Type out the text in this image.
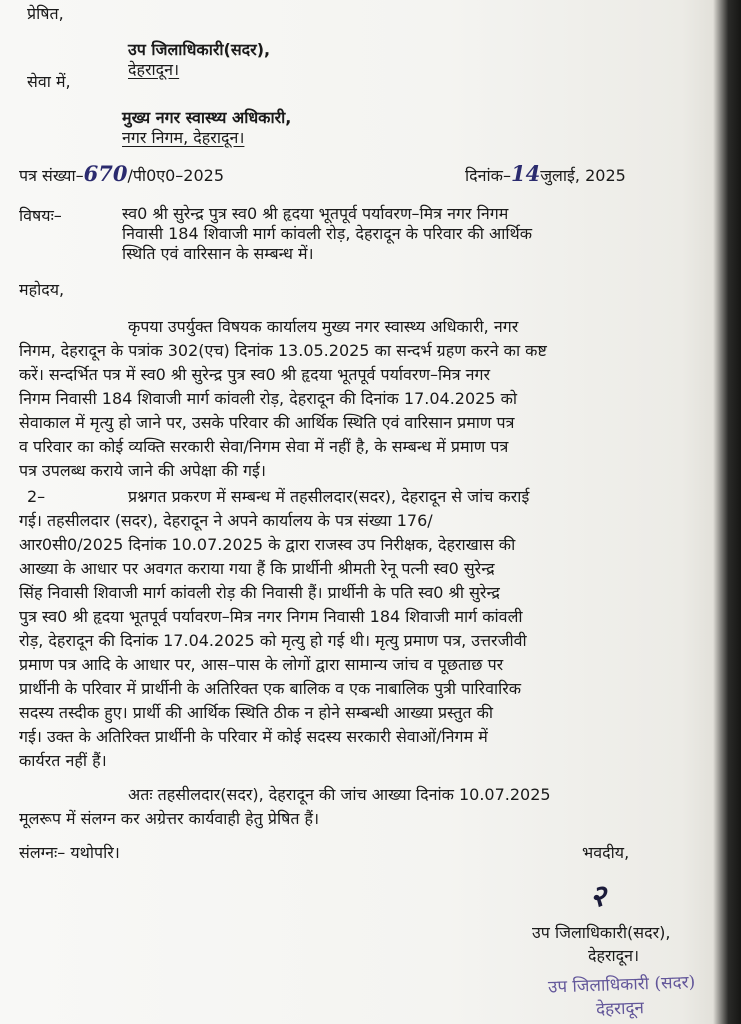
प्रेषित,
उप जिलाधिकारी(सदर),
देहरादून।
सेवा में,
मुख्य नगर स्वास्थ्य अधिकारी,
नगर निगम, देहरादून।
पत्र संख्या–670/पी0ए0–2025	दिनांक–14जुलाई, 2025
विषयः–	स्व0 श्री सुरेन्द्र पुत्र स्व0 श्री हृदया भूतपूर्व पर्यावरण–मित्र नगर निगम
निवासी 184 शिवाजी मार्ग कांवली रोड़, देहरादून के परिवार की आर्थिक
स्थिति एवं वारिसान के सम्बन्ध में।
महोदय,
कृपया उपर्युक्त विषयक कार्यालय मुख्य नगर स्वास्थ्य अधिकारी, नगर
निगम, देहरादून के पत्रांक 302(एच) दिनांक 13.05.2025 का सन्दर्भ ग्रहण करने का कष्ट
करें। सन्दर्भित पत्र में स्व0 श्री सुरेन्द्र पुत्र स्व0 श्री हृदया भूतपूर्व पर्यावरण–मित्र नगर
निगम निवासी 184 शिवाजी मार्ग कांवली रोड़, देहरादून की दिनांक 17.04.2025 को
सेवाकाल में मृत्यु हो जाने पर, उसके परिवार की आर्थिक स्थिति एवं वारिसान प्रमाण पत्र
व परिवार का कोई व्यक्ति सरकारी सेवा/निगम सेवा में नहीं है, के सम्बन्ध में प्रमाण पत्र
पत्र उपलब्ध कराये जाने की अपेक्षा की गई।
2–	प्रश्नगत प्रकरण में सम्बन्ध में तहसीलदार(सदर), देहरादून से जांच कराई
गई। तहसीलदार (सदर), देहरादून ने अपने कार्यालय के पत्र संख्या 176/
आर0सी0/2025 दिनांक 10.07.2025 के द्वारा राजस्व उप निरीक्षक, देहराखास की
आख्या के आधार पर अवगत कराया गया हैं कि प्रार्थीनी श्रीमती रेनू पत्नी स्व0 सुरेन्द्र
सिंह निवासी शिवाजी मार्ग कांवली रोड़ की निवासी हैं। प्रार्थीनी के पति स्व0 श्री सुरेन्द्र
पुत्र स्व0 श्री हृदया भूतपूर्व पर्यावरण–मित्र नगर निगम निवासी 184 शिवाजी मार्ग कांवली
रोड़, देहरादून की दिनांक 17.04.2025 को मृत्यु हो गई थी। मृत्यु प्रमाण पत्र, उत्तरजीवी
प्रमाण पत्र आदि के आधार पर, आस–पास के लोगों द्वारा सामान्य जांच व पूछताछ पर
प्रार्थीनी के परिवार में प्रार्थीनी के अतिरिक्त एक बालिक व एक नाबालिक पुत्री पारिवारिक
सदस्य तस्दीक हुए। प्रार्थी की आर्थिक स्थिति ठीक न होने सम्बन्धी आख्या प्रस्तुत की
गई। उक्त के अतिरिक्त प्रार्थीनी के परिवार में कोई सदस्य सरकारी सेवाओं/निगम में
कार्यरत नहीं हैं।
अतः तहसीलदार(सदर), देहरादून की जांच आख्या दिनांक 10.07.2025
मूलरूप में संलग्न कर अग्रेत्तर कार्यवाही हेतु प्रेषित हैं।
संलग्नः– यथोपरि।	भवदीय,
२
उप जिलाधिकारी(सदर),
देहरादून।
उप जिलाधिकारी (सदर)
देहरादून
